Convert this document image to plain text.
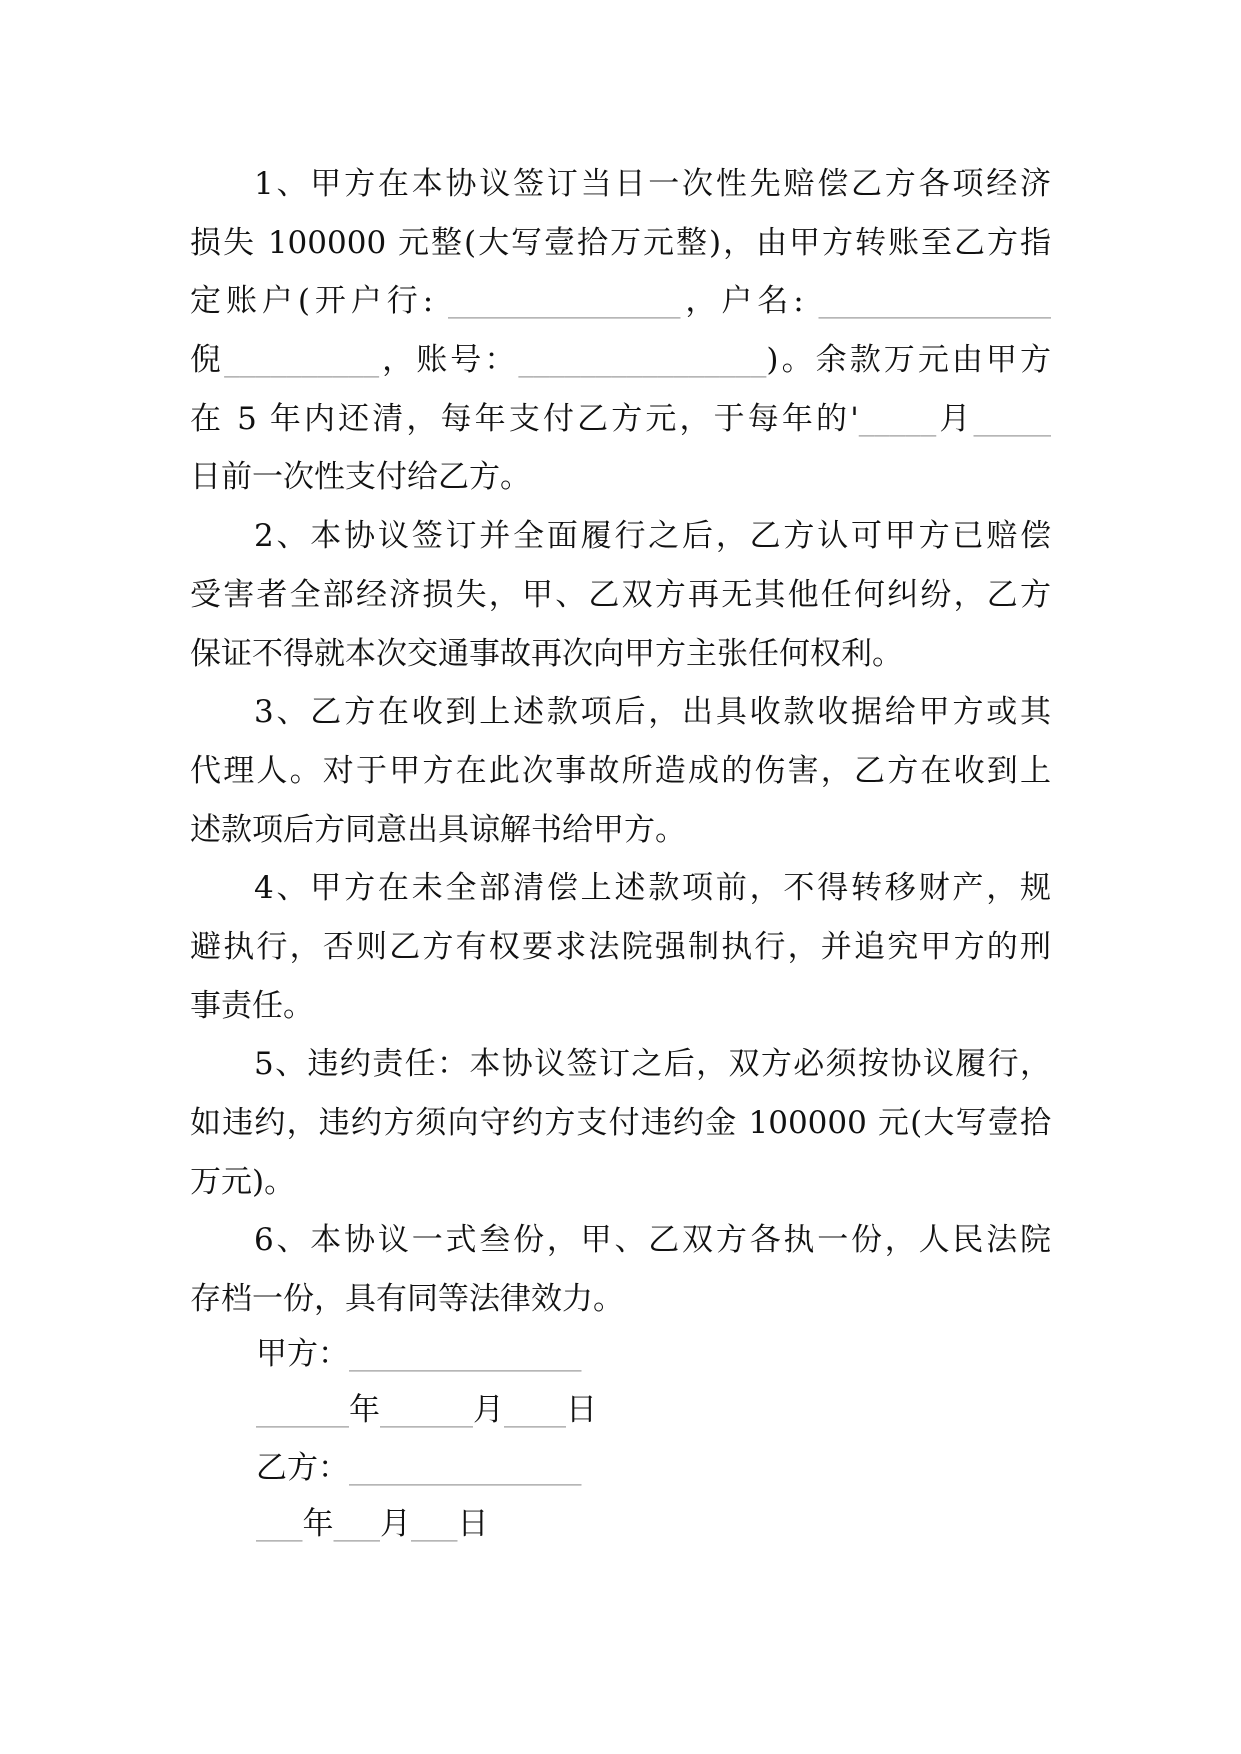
1、甲方在本协议签订当日一次性先赔偿乙方各项经济
损失 100000 元整(大写壹拾万元整)，由甲方转账至乙方指
定账户(开户行: _______________，户名: _______________
倪__________，账号：________________)。余款万元由甲方
在 5 年内还清，每年支付乙方元，于每年的'_____月_____
日前一次性支付给乙方。
2、本协议签订并全面履行之后，乙方认可甲方已赔偿
受害者全部经济损失，甲、乙双方再无其他任何纠纷，乙方
保证不得就本次交通事故再次向甲方主张任何权利。
3、乙方在收到上述款项后，出具收款收据给甲方或其
代理人。对于甲方在此次事故所造成的伤害，乙方在收到上
述款项后方同意出具谅解书给甲方。
4、甲方在未全部清偿上述款项前，不得转移财产，规
避执行，否则乙方有权要求法院强制执行，并追究甲方的刑
事责任。
5、违约责任：本协议签订之后，双方必须按协议履行，
如违约，违约方须向守约方支付违约金 100000 元(大写壹拾
万元)。
6、本协议一式叁份，甲、乙双方各执一份，人民法院
存档一份，具有同等法律效力。
甲方：_______________
______年______月____日
乙方：_______________
___年___月___日
